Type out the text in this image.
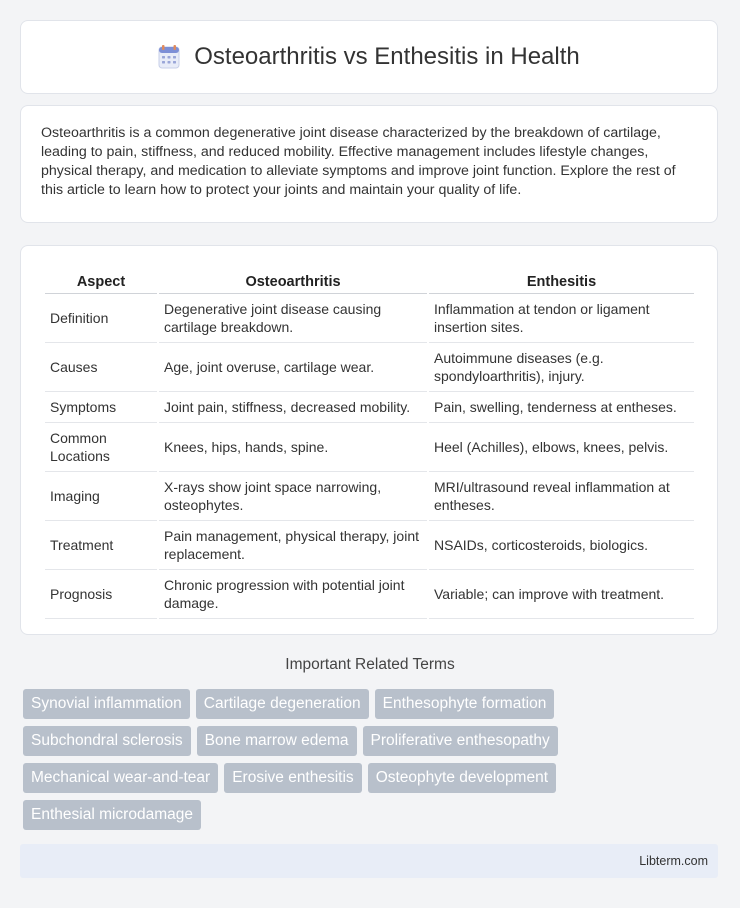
Osteoarthritis vs Enthesitis in Health

Osteoarthritis is a common degenerative joint disease characterized by the breakdown of cartilage, leading to pain, stiffness, and reduced mobility. Effective management includes lifestyle changes, physical therapy, and medication to alleviate symptoms and improve joint function. Explore the rest of this article to learn how to protect your joints and maintain your quality of life.

Aspect	Osteoarthritis	Enthesitis
Definition	Degenerative joint disease causing cartilage breakdown.	Inflammation at tendon or ligament insertion sites.
Causes	Age, joint overuse, cartilage wear.	Autoimmune diseases (e.g. spondyloarthritis), injury.
Symptoms	Joint pain, stiffness, decreased mobility.	Pain, swelling, tenderness at entheses.
Common Locations	Knees, hips, hands, spine.	Heel (Achilles), elbows, knees, pelvis.
Imaging	X-rays show joint space narrowing, osteophytes.	MRI/ultrasound reveal inflammation at entheses.
Treatment	Pain management, physical therapy, joint replacement.	NSAIDs, corticosteroids, biologics.
Prognosis	Chronic progression with potential joint damage.	Variable; can improve with treatment.
Important Related Terms
Synovial inflammation	Cartilage degeneration	Enthesophyte formation
Subchondral sclerosis	Bone marrow edema	Proliferative enthesopathy
Mechanical wear-and-tear	Erosive enthesitis	Osteophyte development
Enthesial microdamage
Libterm.com
